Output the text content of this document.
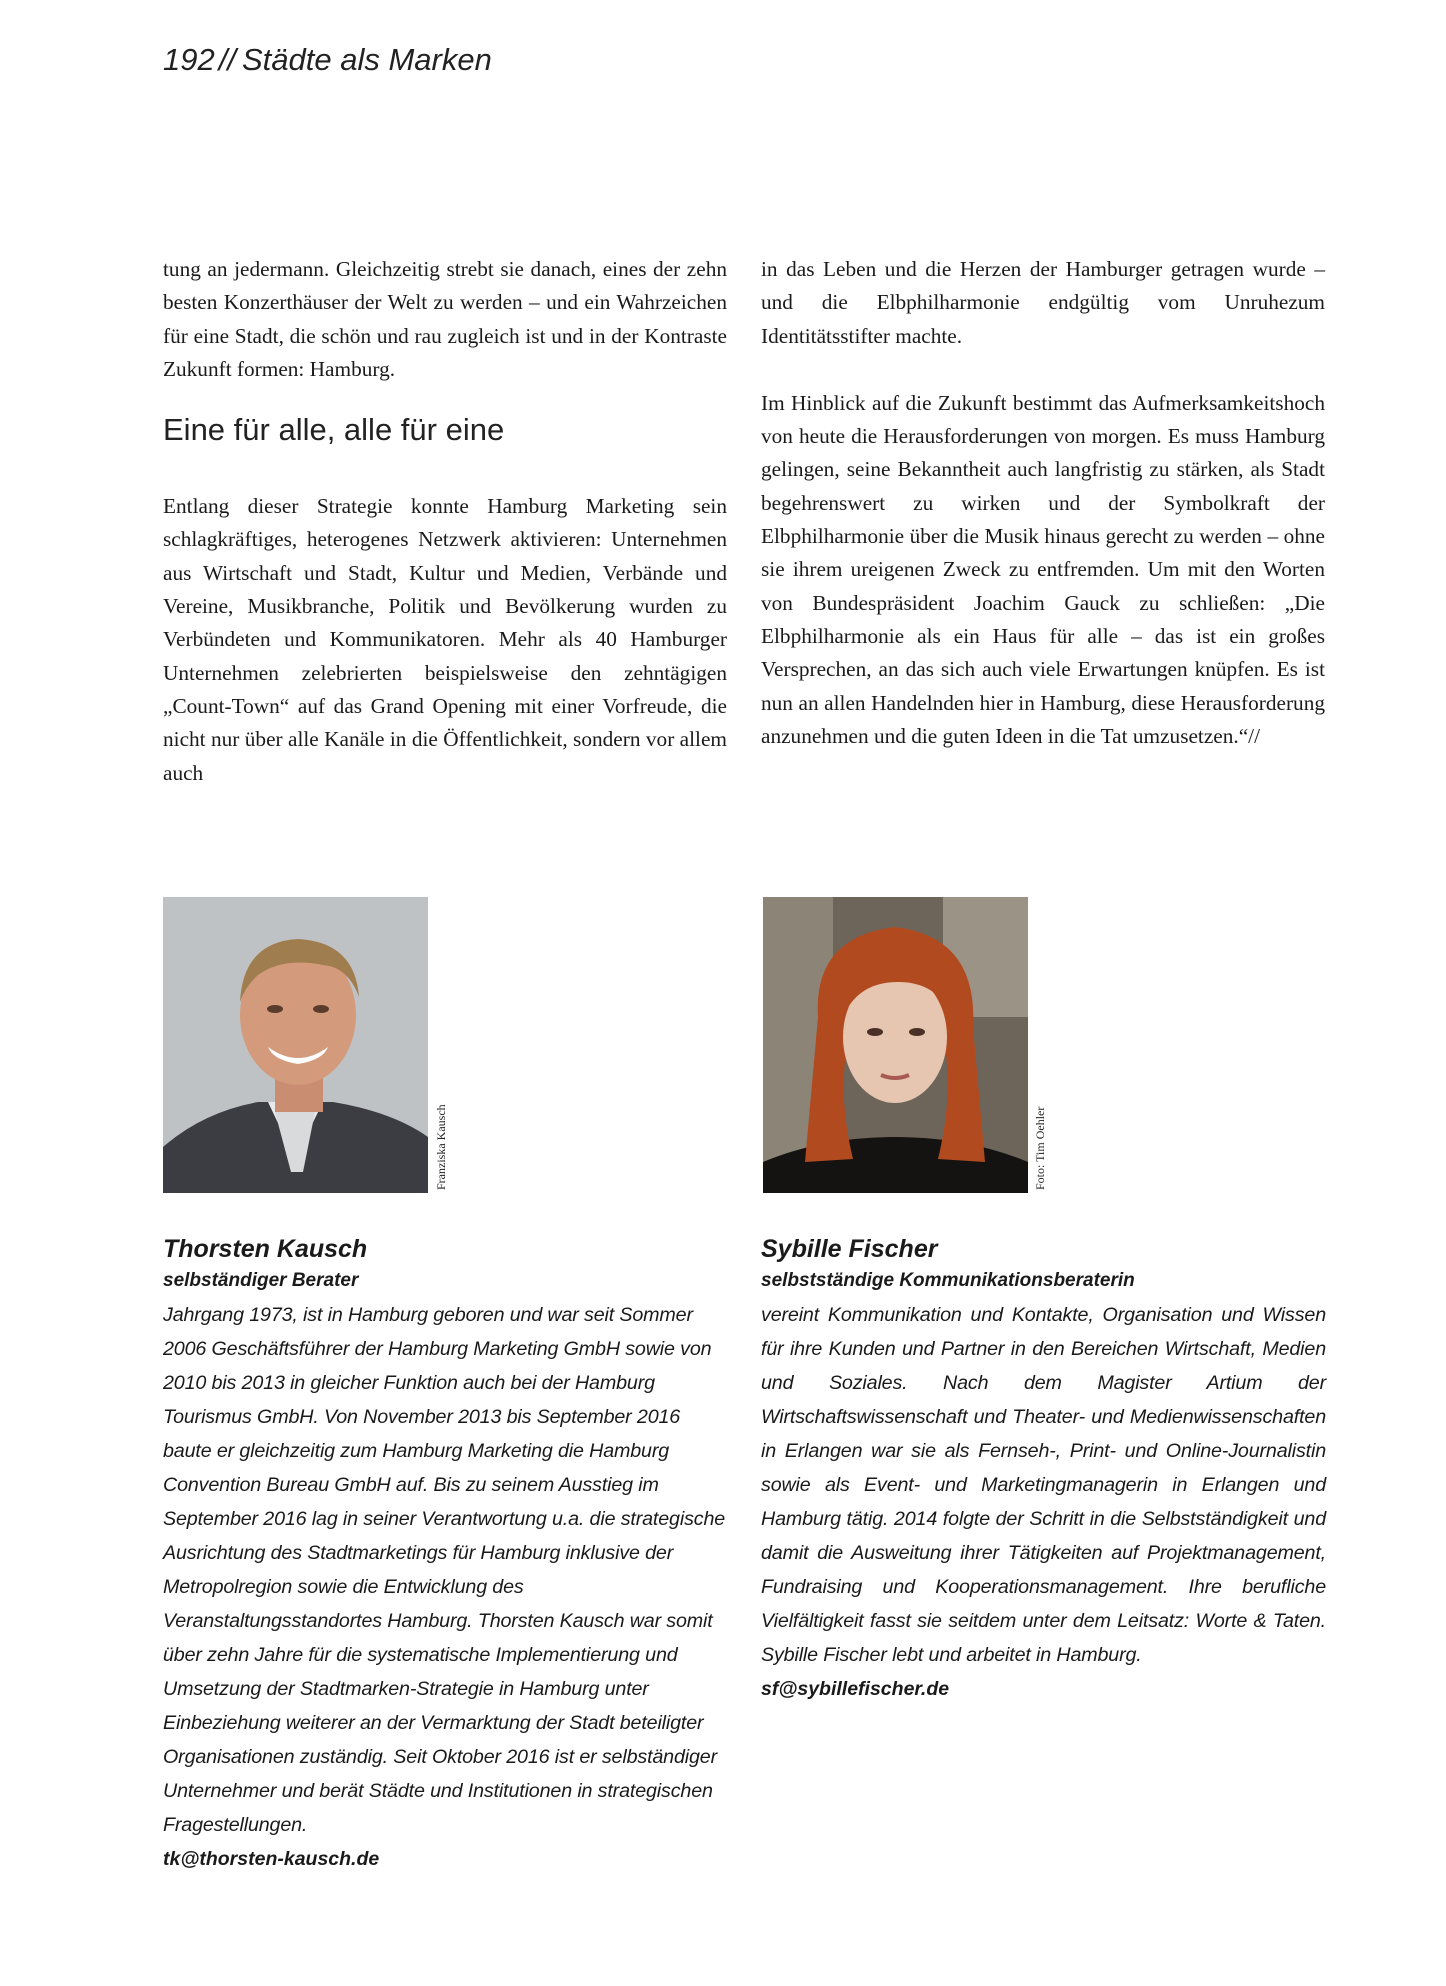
192 // Städte als Marken

tung an jedermann. Gleichzeitig strebt sie danach, eines der zehn besten Konzerthäuser der Welt zu werden – und ein Wahrzeichen für eine Stadt, die schön und rau zugleich ist und in der Kontraste Zukunft formen: Hamburg.

Eine für alle, alle für eine

Entlang dieser Strategie konnte Hamburg Marketing sein schlagkräftiges, heterogenes Netzwerk aktivieren: Unternehmen aus Wirtschaft und Stadt, Kultur und Medien, Verbände und Vereine, Musikbranche, Politik und Bevölkerung wurden zu Verbündeten und Kommunikatoren. Mehr als 40 Hamburger Unternehmen zelebrierten beispielsweise den zehntägigen „Count-Town“ auf das Grand Opening mit einer Vorfreude, die nicht nur über alle Kanäle in die Öffentlichkeit, sondern vor allem auch

in das Leben und die Herzen der Hamburger getragen wurde – und die Elbphilharmonie endgültig vom Unruhezum Identitätsstifter machte.

Im Hinblick auf die Zukunft bestimmt das Aufmerksamkeitshoch von heute die Herausforderungen von morgen. Es muss Hamburg gelingen, seine Bekanntheit auch langfristig zu stärken, als Stadt begehrenswert zu wirken und der Symbolkraft der Elbphilharmonie über die Musik hinaus gerecht zu werden – ohne sie ihrem ureigenen Zweck zu entfremden. Um mit den Worten von Bundespräsident Joachim Gauck zu schließen: „Die Elbphilharmonie als ein Haus für alle – das ist ein großes Versprechen, an das sich auch viele Erwartungen knüpfen. Es ist nun an allen Handelnden hier in Hamburg, diese Herausforderung anzunehmen und die guten Ideen in die Tat umzusetzen.“//

Franziska Kausch	Foto: Tim Oehler

Thorsten Kausch

selbständiger Berater

Jahrgang 1973, ist in Hamburg geboren und war seit Sommer 2006 Geschäftsführer der Hamburg Marketing GmbH sowie von 2010 bis 2013 in gleicher Funktion auch bei der Hamburg Tourismus GmbH. Von November 2013 bis September 2016 baute er gleichzeitig zum Hamburg Marketing die Hamburg Convention Bureau GmbH auf. Bis zu seinem Ausstieg im September 2016 lag in seiner Verantwortung u.a. die strategische Ausrichtung des Stadtmarketings für Hamburg inklusive der Metropolregion sowie die Entwicklung des Veranstaltungsstandortes Hamburg. Thorsten Kausch war somit über zehn Jahre für die systematische Implementierung und Umsetzung der Stadtmarken-Strategie in Hamburg unter Einbeziehung weiterer an der Vermarktung der Stadt beteiligter Organisationen zuständig. Seit Oktober 2016 ist er selbständiger Unternehmer und berät Städte und Institutionen in strategischen Fragestellungen.

tk@thorsten-kausch.de

Sybille Fischer

selbstständige Kommunikationsberaterin

vereint Kommunikation und Kontakte, Organisation und Wissen für ihre Kunden und Partner in den Bereichen Wirtschaft, Medien und Soziales. Nach dem Magister Artium der Wirtschaftswissenschaft und Theater- und Medienwissenschaften in Erlangen war sie als Fernseh-, Print- und Online-Journalistin sowie als Event- und Marketingmanagerin in Erlangen und Hamburg tätig. 2014 folgte der Schritt in die Selbstständigkeit und damit die Ausweitung ihrer Tätigkeiten auf Projektmanagement, Fundraising und Kooperationsmanagement. Ihre berufliche Vielfältigkeit fasst sie seitdem unter dem Leitsatz: Worte & Taten. Sybille Fischer lebt und arbeitet in Hamburg.

sf@sybillefischer.de
